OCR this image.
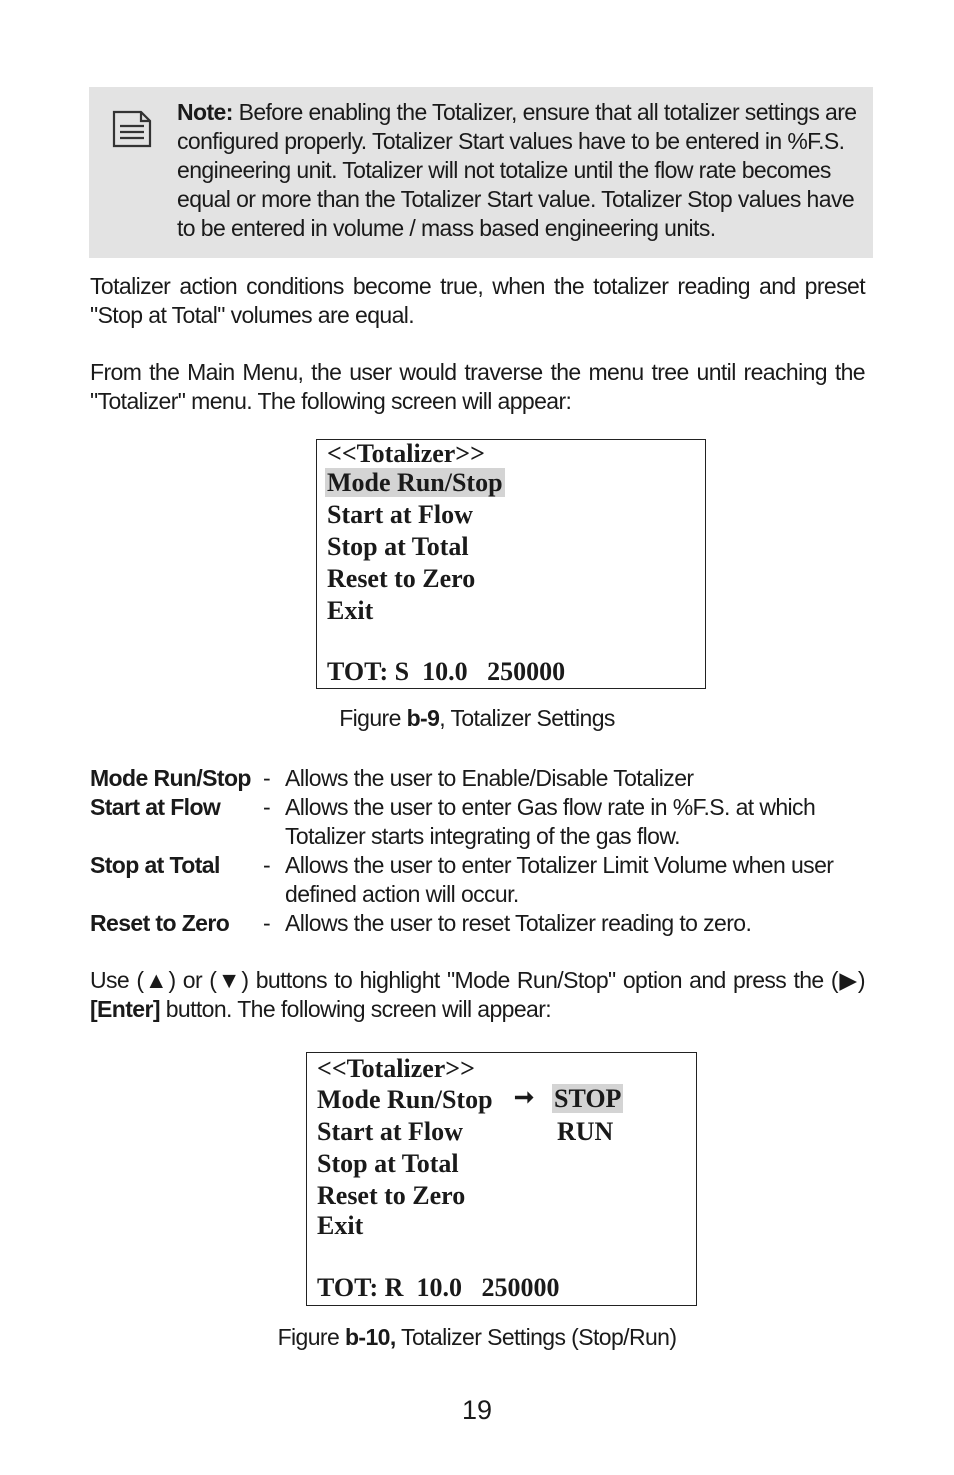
Note: Before enabling the Totalizer, ensure that all totalizer settings are configured properly. Totalizer Start values have to be entered in %F.S. engineering unit. Totalizer will not totalize until the flow rate becomes equal or more than the Totalizer Start value. Totalizer Stop values have to be entered in volume / mass based engineering units.
Totalizer action conditions become true, when the totalizer reading and preset
"Stop at Total" volumes are equal.
From the Main Menu, the user would traverse the menu tree until reaching the
"Totalizer" menu. The following screen will appear:
<<Totalizer>>
Mode Run/Stop
Start at Flow
Stop at Total
Reset to Zero
Exit
TOT: S  10.0   250000
Figure b-9, Totalizer Settings
Mode Run/Stop - Allows the user to Enable/Disable Totalizer
Start at Flow - Allows the user to enter Gas flow rate in %F.S. at which Totalizer starts integrating of the gas flow.
Stop at Total - Allows the user to enter Totalizer Limit Volume when user defined action will occur.
Reset to Zero - Allows the user to reset Totalizer reading to zero.
Use (▲) or (▼) buttons to highlight "Mode Run/Stop" option and press the (▶)
[Enter] button. The following screen will appear:
<<Totalizer>>
Mode Run/Stop
Start at Flow
Stop at Total
Reset to Zero
Exit
➞ STOP
RUN
TOT: R  10.0   250000
Figure b-10, Totalizer Settings (Stop/Run)
19
